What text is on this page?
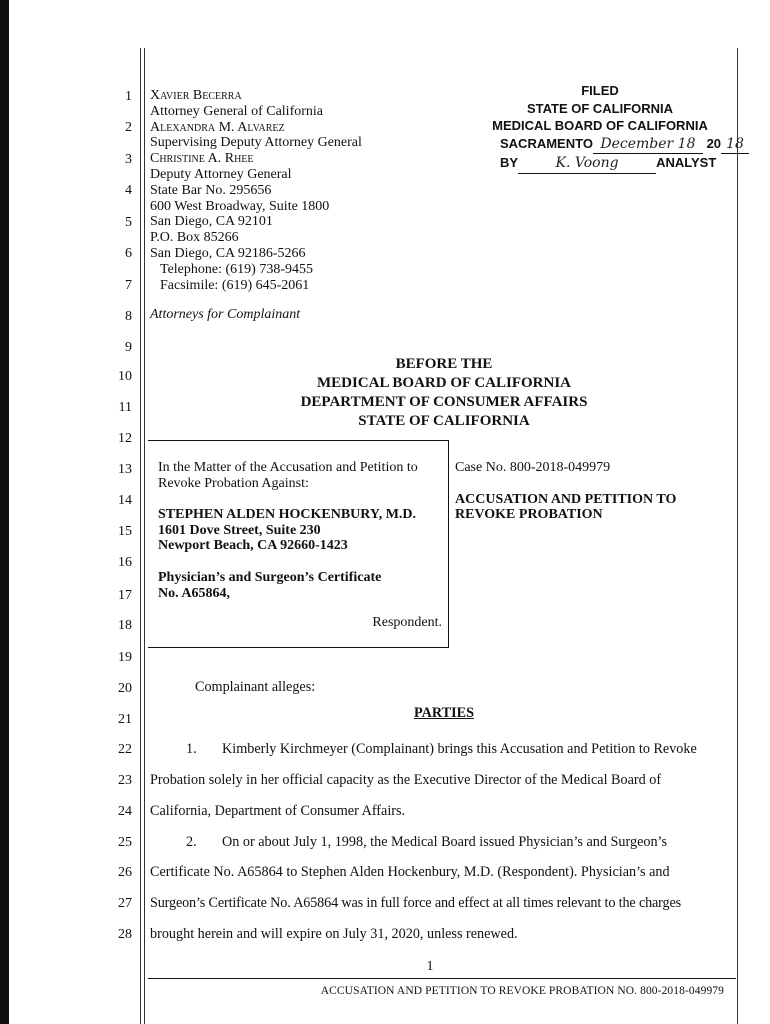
1
2
3
4
5
6
7
8
9
10
11
12
13
14
15
16
17
18
19
20
21
22
23
24
25
26
27
28
Xavier Becerra
Attorney General of California
Alexandra M. Alvarez
Supervising Deputy Attorney General
Christine A. Rhee
Deputy Attorney General
State Bar No. 295656
600 West Broadway, Suite 1800
San Diego, CA 92101
P.O. Box 85266
San Diego, CA 92186-5266
Telephone: (619) 738-9455
Facsimile: (619) 645-2061
Attorneys for Complainant
FILED
STATE OF CALIFORNIA
MEDICAL BOARD OF CALIFORNIA
SACRAMENTO December 18 20 18
BY	K. Voong	ANALYST
BEFORE THE
MEDICAL BOARD OF CALIFORNIA
DEPARTMENT OF CONSUMER AFFAIRS
STATE OF CALIFORNIA
In the Matter of the Accusation and Petition to
Revoke Probation Against:
STEPHEN ALDEN HOCKENBURY, M.D.
1601 Dove Street, Suite 230
Newport Beach, CA 92660-1423
Physician’s and Surgeon’s Certificate
No. A65864,
Respondent.
Case No. 800-2018-049979
ACCUSATION AND PETITION TO
REVOKE PROBATION
Complainant alleges:
PARTIES
1. Kimberly Kirchmeyer (Complainant) brings this Accusation and Petition to Revoke
Probation solely in her official capacity as the Executive Director of the Medical Board of
California, Department of Consumer Affairs.
2. On or about July 1, 1998, the Medical Board issued Physician’s and Surgeon’s
Certificate No. A65864 to Stephen Alden Hockenbury, M.D. (Respondent). Physician’s and
Surgeon’s Certificate No. A65864 was in full force and effect at all times relevant to the charges
brought herein and will expire on July 31, 2020, unless renewed.
1
ACCUSATION AND PETITION TO REVOKE PROBATION NO. 800-2018-049979
